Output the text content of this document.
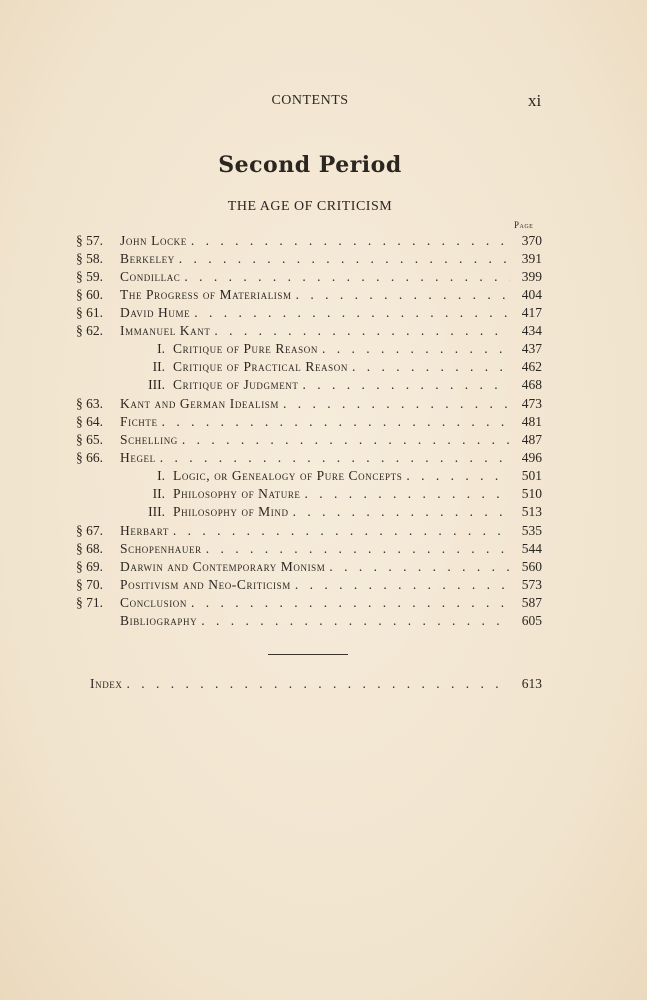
CONTENTS	xi
Second Period
THE AGE OF CRITICISM
Page
§ 57.	John Locke . . .	370
§ 58.	Berkeley . . .	391
§ 59.	Condillac . . .	399
§ 60.	The Progress of Materialism . . .	404
§ 61.	David Hume . . .	417
§ 62.	Immanuel Kant . . .	434
I. Critique of Pure Reason . . .	437
II. Critique of Practical Reason . . .	462
III. Critique of Judgment . . .	468
§ 63.	Kant and German Idealism . . .	473
§ 64.	Fichte . . .	481
§ 65.	Schelling . . .	487
§ 66.	Hegel . . .	496
I. Logic, or Genealogy of Pure Concepts . . .	501
II. Philosophy of Nature . . .	510
III. Philosophy of Mind . . .	513
§ 67.	Herbart . . .	535
§ 68.	Schopenhauer . . .	544
§ 69.	Darwin and Contemporary Monism . . .	560
§ 70.	Positivism and Neo-Criticism . . .	573
§ 71.	Conclusion . . .	587
Bibliography . . .	605
Index . . .	613
